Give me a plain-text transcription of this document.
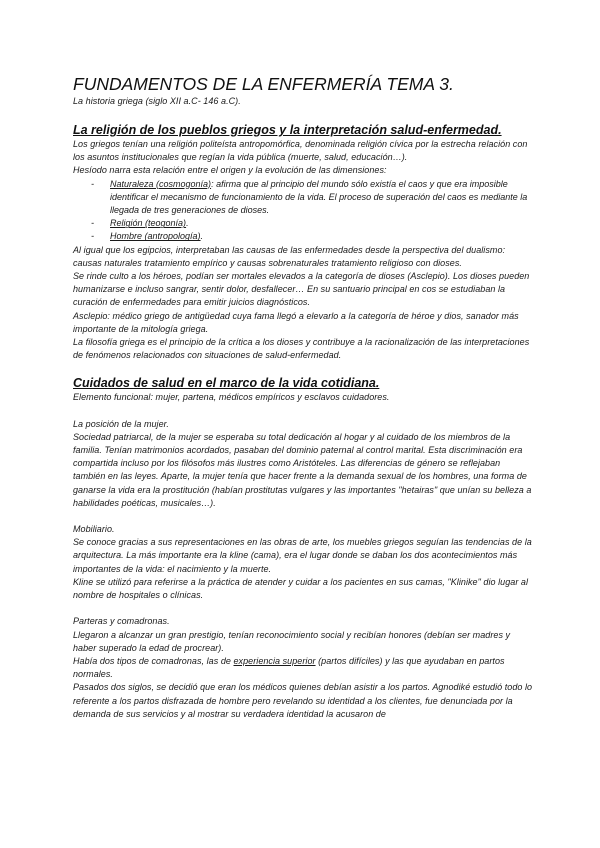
FUNDAMENTOS DE LA ENFERMERÍA TEMA 3.

La historia griega (siglo XII a.C- 146 a.C).

La religión de los pueblos griegos y la interpretación salud-enfermedad.

Los griegos tenían una religión politeísta antropomórfica, denominada religión cívica por la estrecha relación con los asuntos institucionales que regían la vida pública (muerte, salud, educación…).

Hesíodo narra esta relación entre el origen y la evolución de las dimensiones:

- Naturaleza (cosmogonía): afirma que al principio del mundo sólo existía el caos y que era imposible identificar el mecanismo de funcionamiento de la vida. El proceso de superación del caos es mediante la llegada de tres generaciones de dioses.
- Religión (teogonía).
- Hombre (antropología).

Al igual que los egipcios, interpretaban las causas de las enfermedades desde la perspectiva del dualismo: causas naturales tratamiento empírico y causas sobrenaturales tratamiento religioso con dioses.

Se rinde culto a los héroes, podían ser mortales elevados a la categoría de dioses (Asclepio). Los dioses pueden humanizarse e incluso sangrar, sentir dolor, desfallecer… En su santuario principal en cos se estudiaban la curación de enfermedades para emitir juicios diagnósticos.

Asclepio: médico griego de antigüedad cuya fama llegó a elevarlo a la categoría de héroe y dios, sanador más importante de la mitología griega.

La filosofía griega es el principio de la crítica a los dioses y contribuye a la racionalización de las interpretaciones de fenómenos relacionados con situaciones de salud-enfermedad.

Cuidados de salud en el marco de la vida cotidiana.

Elemento funcional: mujer, partena, médicos empíricos y esclavos cuidadores.

La posición de la mujer.

Sociedad patriarcal, de la mujer se esperaba su total dedicación al hogar y al cuidado de los miembros de la familia. Tenían matrimonios acordados, pasaban del dominio paternal al control marital. Esta discriminación era compartida incluso por los filósofos más ilustres como Aristóteles. Las diferencias de género se reflejaban también en las leyes. Aparte, la mujer tenía que hacer frente a la demanda sexual de los hombres, una forma de ganarse la vida era la prostitución (habían prostitutas vulgares y las importantes "hetairas" que unían su belleza a habilidades poéticas, musicales…).

Mobiliario.

Se conoce gracias a sus representaciones en las obras de arte, los muebles griegos seguían las tendencias de la arquitectura. La más importante era la kline (cama), era el lugar donde se daban los dos acontecimientos más importantes de la vida: el nacimiento y la muerte.

Kline se utilizó para referirse a la práctica de atender y cuidar a los pacientes en sus camas, "Klinike" dio lugar al nombre de hospitales o clínicas.

Parteras y comadronas.

Llegaron a alcanzar un gran prestigio, tenían reconocimiento social y recibían honores (debían ser madres y haber superado la edad de procrear).

Había dos tipos de comadronas, las de experiencia superior (partos difíciles) y las que ayudaban en partos normales.

Pasados dos siglos, se decidió que eran los médicos quienes debían asistir a los partos. Agnodiké estudió todo lo referente a los partos disfrazada de hombre pero revelando su identidad a los clientes, fue denunciada por la demanda de sus servicios y al mostrar su verdadera identidad la acusaron de
